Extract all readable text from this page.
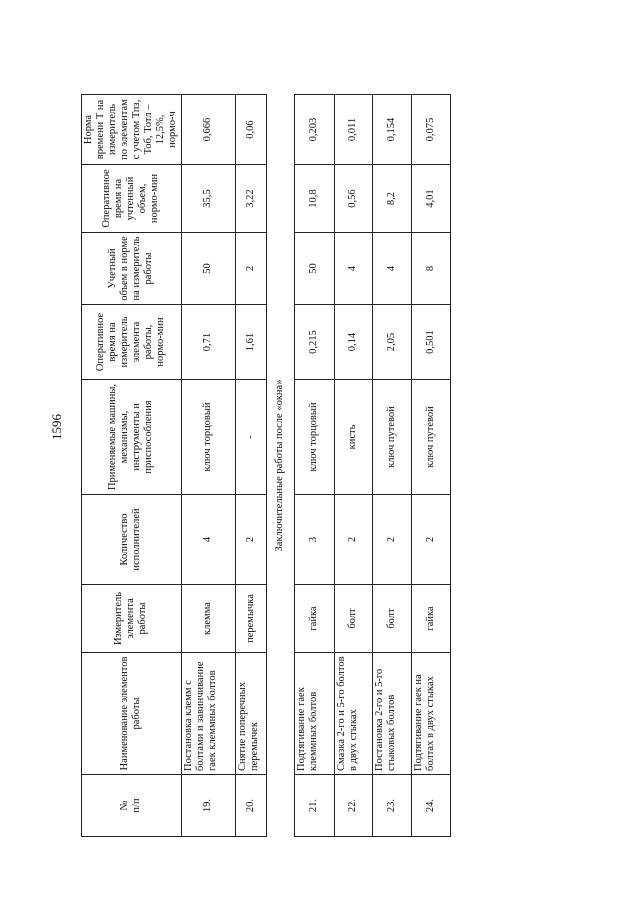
1596
№
п/п	Наименование элементов работы	Измеритель элемента работы	Количество исполнителей	Применяемые машины, механизмы, инструменты и приспособления	Оперативное время на измеритель элемента работы, нормо-мин	Учетный объем в норме на измеритель работы	Оперативное время на учтенный объем, нормо-мин	Норма времени Т на измеритель по элементам с учетом Тпз, Тоб, Тотл – 12,5%, нормо-ч
19.	Постановка клемм с болтами и завинчивание гаек клеммных болтов	клемма	4	ключ торцовый	0,71	50	35,5	0,666
20.	Снятие поперечных перемычек	перемычка	2	-	1,61	2	3,22	0,06
Заключительные работы после «окна»								
21.	Подтягивание гаек клеммных болтов	гайка	3	ключ торцовый	0,215	50	10,8	0,203
22.	Смазка 2-го и 5-го болтов в двух стыках	болт	2	кисть	0,14	4	0,56	0,011
23.	Постановка 2-го и 5-го стыковых болтов	болт	2	ключ путевой	2,05	4	8,2	0,154
24.	Подтягивание гаек на болтах в двух стыках	гайка	2	ключ путевой	0,501	8	4,01	0,075
